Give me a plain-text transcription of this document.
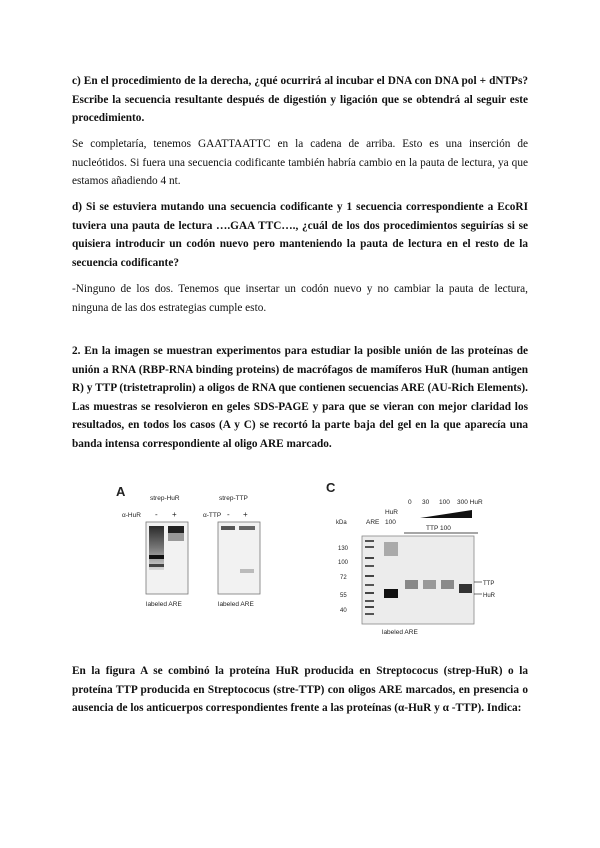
c) En el procedimiento de la derecha, ¿qué ocurrirá al incubar el DNA con DNA pol + dNTPs? Escribe la secuencia resultante después de digestión y ligación que se obtendrá al seguir este procedimiento.
Se completaría, tenemos GAATTAATTC en la cadena de arriba. Esto es una inserción de nucleótidos. Si fuera una secuencia codificante también habría cambio en la pauta de lectura, ya que estamos añadiendo 4 nt.
d) Si se estuviera mutando una secuencia codificante y 1 secuencia correspondiente a EcoRI tuviera una pauta de lectura ….GAA TTC…., ¿cuál de los dos procedimientos seguirías si se quisiera introducir un codón nuevo pero manteniendo la pauta de lectura en el resto de la secuencia codificante?
-Ninguno de los dos. Tenemos que insertar un codón nuevo y no cambiar la pauta de lectura, ninguna de las dos estrategias cumple esto.
2. En la imagen se muestran experimentos para estudiar la posible unión de las proteínas de unión a RNA (RBP-RNA binding proteins) de macrófagos de mamíferos HuR (human antigen R) y TTP (tristetraprolin) a oligos de RNA que contienen secuencias ARE (AU-Rich Elements). Las muestras se resolvieron en geles SDS-PAGE y para que se vieran con mejor claridad los resultados, en todos los casos (A y C) se recortó la parte baja del gel en la que aparecía una banda intensa correspondiente al oligo ARE marcado.
A	strep-HuR	strep-TTP
α-HuR - +	α-TTP - +
labeled ARE	labeled ARE
C
0 30 100 300 HuR
HuR
kDa	ARE 100
TTP 100
130
100
72
55
40
TTP
HuR
labeled ARE
En la figura A se combinó la proteína HuR producida en Streptococus (strep-HuR) o la proteína TTP producida en Streptococus (stre-TTP) con oligos ARE marcados, en presencia o ausencia de los anticuerpos correspondientes frente a las proteínas (α-HuR y α -TTP). Indica:
